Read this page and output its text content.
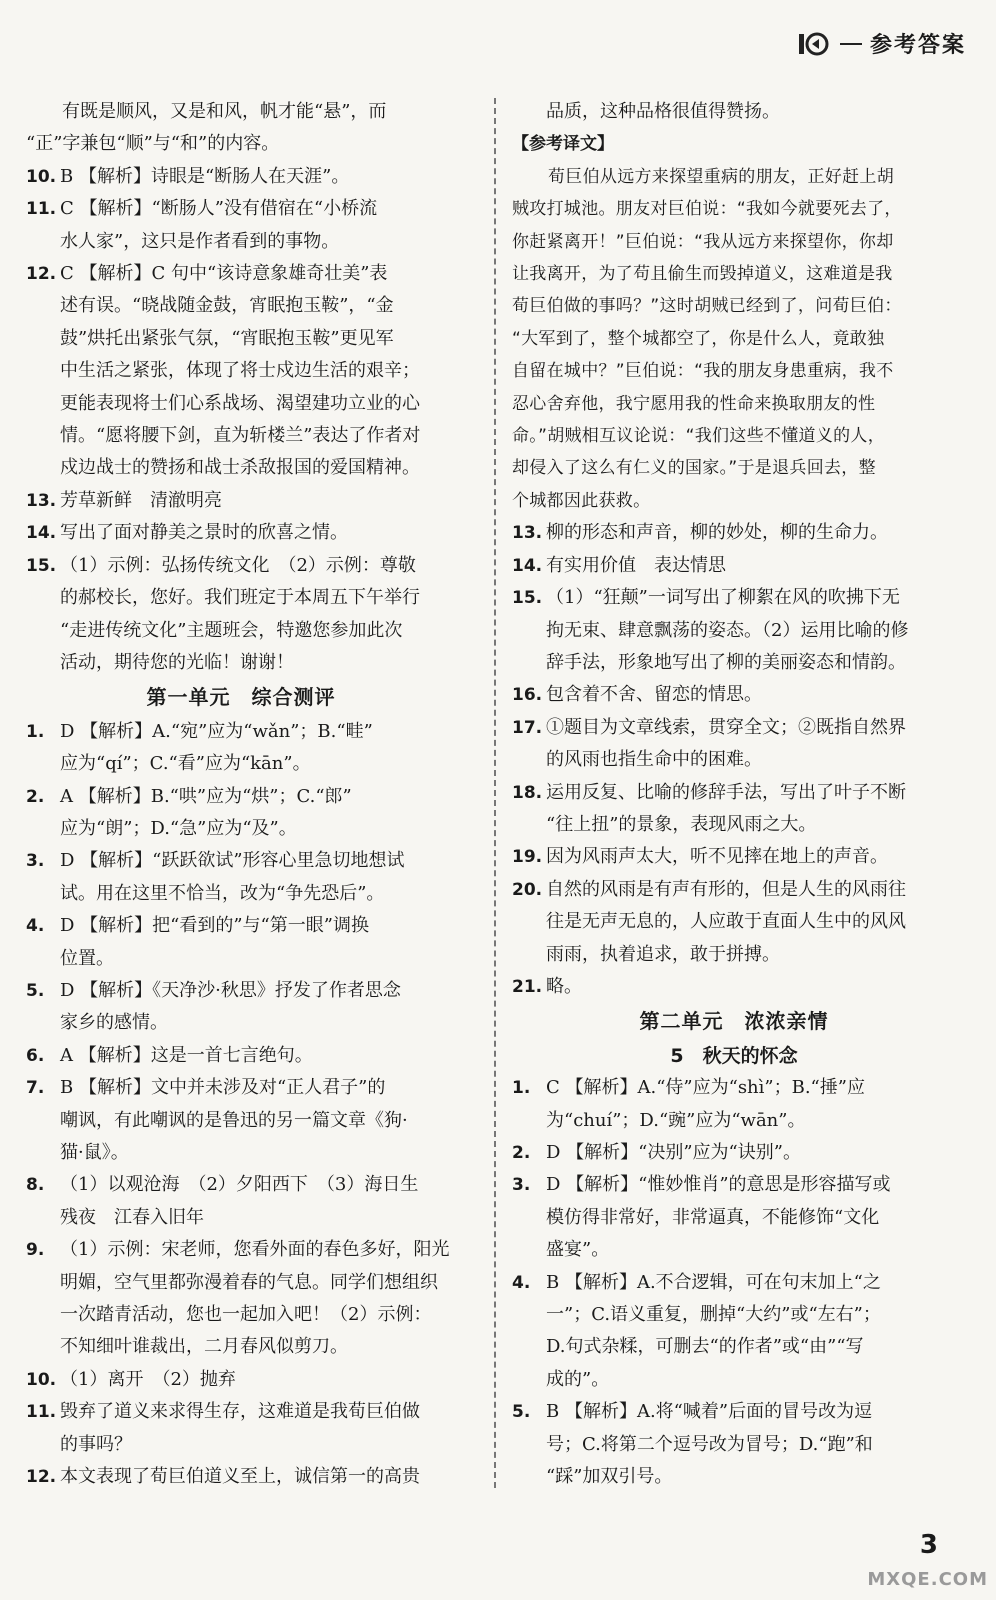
参考答案

有既是顺风，又是和风，帆才能“悬”，而

“正”字兼包“顺”与“和”的内容。

10. B 【解析】诗眼是“断肠人在天涯”。

11. C 【解析】“断肠人”没有借宿在“小桥流

水人家”，这只是作者看到的事物。

12. C 【解析】C 句中“该诗意象雄奇壮美”表

述有误。“晓战随金鼓，宵眠抱玉鞍”，“金

鼓”烘托出紧张气氛，“宵眠抱玉鞍”更见军

中生活之紧张，体现了将士戍边生活的艰辛；

更能表现将士们心系战场、渴望建功立业的心

情。“愿将腰下剑，直为斩楼兰”表达了作者对

戍边战士的赞扬和战士杀敌报国的爱国精神。

13. 芳草新鲜　清澈明亮

14. 写出了面对静美之景时的欣喜之情。

15. （1）示例：弘扬传统文化　（2）示例：尊敬

的郝校长，您好。我们班定于本周五下午举行

“走进传统文化”主题班会，特邀您参加此次

活动，期待您的光临！谢谢！

第一单元　综合测评

1. D 【解析】A.“宛”应为“wǎn”；B.“畦”

应为“qí”；C.“看”应为“kān”。

2. A 【解析】B.“哄”应为“烘”；C.“郎”

应为“朗”；D.“急”应为“及”。

3. D 【解析】“跃跃欲试”形容心里急切地想试

试。用在这里不恰当，改为“争先恐后”。

4. D 【解析】把“看到的”与“第一眼”调换

位置。

5. D 【解析】《天净沙·秋思》抒发了作者思念

家乡的感情。

6. A 【解析】这是一首七言绝句。

7. B 【解析】文中并未涉及对“正人君子”的

嘲讽，有此嘲讽的是鲁迅的另一篇文章《狗·

猫·鼠》。

8. （1）以观沧海　（2）夕阳西下　（3）海日生

残夜　江春入旧年

9. （1）示例：宋老师，您看外面的春色多好，阳光

明媚，空气里都弥漫着春的气息。同学们想组织

一次踏青活动，您也一起加入吧！（2）示例：

不知细叶谁裁出，二月春风似剪刀。

10. （1）离开　（2）抛弃

11. 毁弃了道义来求得生存，这难道是我荀巨伯做

的事吗？

12. 本文表现了荀巨伯道义至上，诚信第一的高贵

品质，这种品格很值得赞扬。

【参考译文】

荀巨伯从远方来探望重病的朋友，正好赶上胡

贼攻打城池。朋友对巨伯说：“我如今就要死去了，

你赶紧离开！”巨伯说：“我从远方来探望你，你却

让我离开，为了苟且偷生而毁掉道义，这难道是我

荀巨伯做的事吗？”这时胡贼已经到了，问荀巨伯：

“大军到了，整个城都空了，你是什么人，竟敢独

自留在城中？”巨伯说：“我的朋友身患重病，我不

忍心舍弃他，我宁愿用我的性命来换取朋友的性

命。”胡贼相互议论说：“我们这些不懂道义的人，

却侵入了这么有仁义的国家。”于是退兵回去，整

个城都因此获救。

13. 柳的形态和声音，柳的妙处，柳的生命力。

14. 有实用价值　表达情思

15. （1）“狂颠”一词写出了柳絮在风的吹拂下无

拘无束、肆意飘荡的姿态。（2）运用比喻的修

辞手法，形象地写出了柳的美丽姿态和情韵。

16. 包含着不舍、留恋的情思。

17. ①题目为文章线索，贯穿全文；②既指自然界

的风雨也指生命中的困难。

18. 运用反复、比喻的修辞手法，写出了叶子不断

“往上扭”的景象，表现风雨之大。

19. 因为风雨声太大，听不见摔在地上的声音。

20. 自然的风雨是有声有形的，但是人生的风雨往

往是无声无息的，人应敢于直面人生中的风风

雨雨，执着追求，敢于拼搏。

21. 略。

第二单元　浓浓亲情
5　秋天的怀念

1. C 【解析】A.“侍”应为“shì”；B.“捶”应

为“chuí”；D.“豌”应为“wān”。

2. D 【解析】“决别”应为“诀别”。

3. D 【解析】“惟妙惟肖”的意思是形容描写或

模仿得非常好，非常逼真，不能修饰“文化

盛宴”。

4. B 【解析】A.不合逻辑，可在句末加上“之

一”；C.语义重复，删掉“大约”或“左右”；

D.句式杂糅，可删去“的作者”或“由”“写

成的”。

5. B 【解析】A.将“喊着”后面的冒号改为逗

号；C.将第二个逗号改为冒号；D.“跑”和

“踩”加双引号。

3
MXQE.COM
